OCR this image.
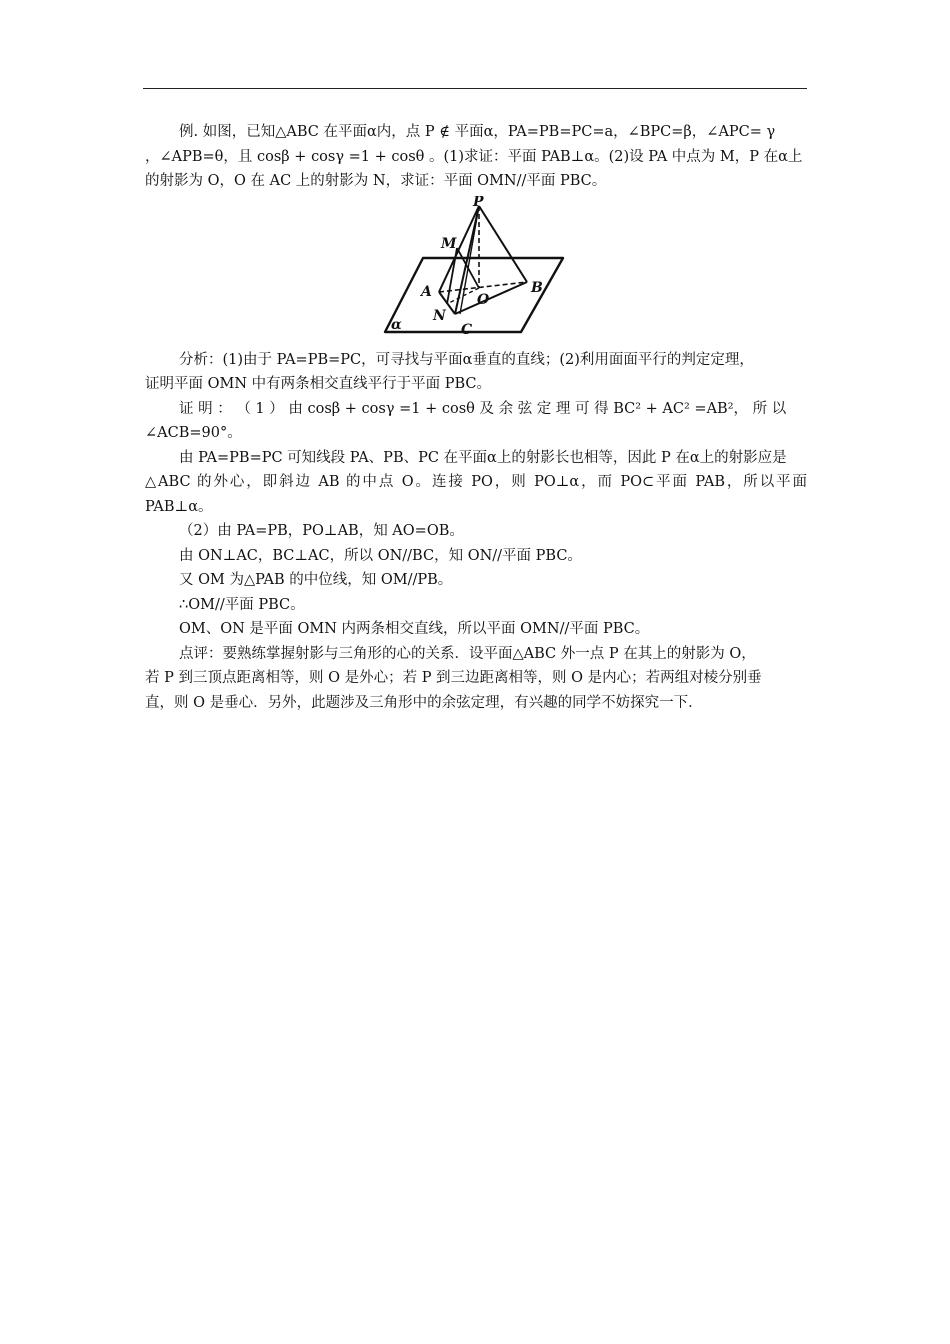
例. 如图，已知△ABC 在平面α内，点 P ∉ 平面α，PA=PB=PC=a，∠BPC=β，∠APC= γ

，∠APB=θ，且 cosβ + cosγ =1 + cosθ 。(1)求证：平面 PAB⊥α。(2)设 PA 中点为 M，P 在α上

的射影为 O，O 在 AC 上的射影为 N，求证：平面 OMN//平面 PBC。

P
M
A	O
B
N
C
α

分析：(1)由于 PA=PB=PC，可寻找与平面α垂直的直线；(2)利用面面平行的判定定理，

证明平面 OMN 中有两条相交直线平行于平面 PBC。

证 明 ： （ 1 ） 由 cosβ + cosγ =1 + cosθ 及 余 弦 定 理 可 得 BC² + AC² =AB²， 所 以

∠ACB=90°。

由 PA=PB=PC 可知线段 PA、PB、PC 在平面α上的射影长也相等，因此 P 在α上的射影应是

△ABC 的外心，即斜边 AB 的中点 O。连接 PO，则 PO⊥α，而 PO⊂平面 PAB，所以平面 PAB⊥α。

（2）由 PA=PB，PO⊥AB，知 AO=OB。

由 ON⊥AC，BC⊥AC，所以 ON//BC，知 ON//平面 PBC。

又 OM 为△PAB 的中位线，知 OM//PB。

∴OM//平面 PBC。

OM、ON 是平面 OMN 内两条相交直线，所以平面 OMN//平面 PBC。

点评：要熟练掌握射影与三角形的心的关系．设平面△ABC 外一点 P 在其上的射影为 O，

若 P 到三顶点距离相等，则 O 是外心；若 P 到三边距离相等，则 O 是内心；若两组对棱分别垂

直，则 O 是垂心．另外，此题涉及三角形中的余弦定理，有兴趣的同学不妨探究一下．
